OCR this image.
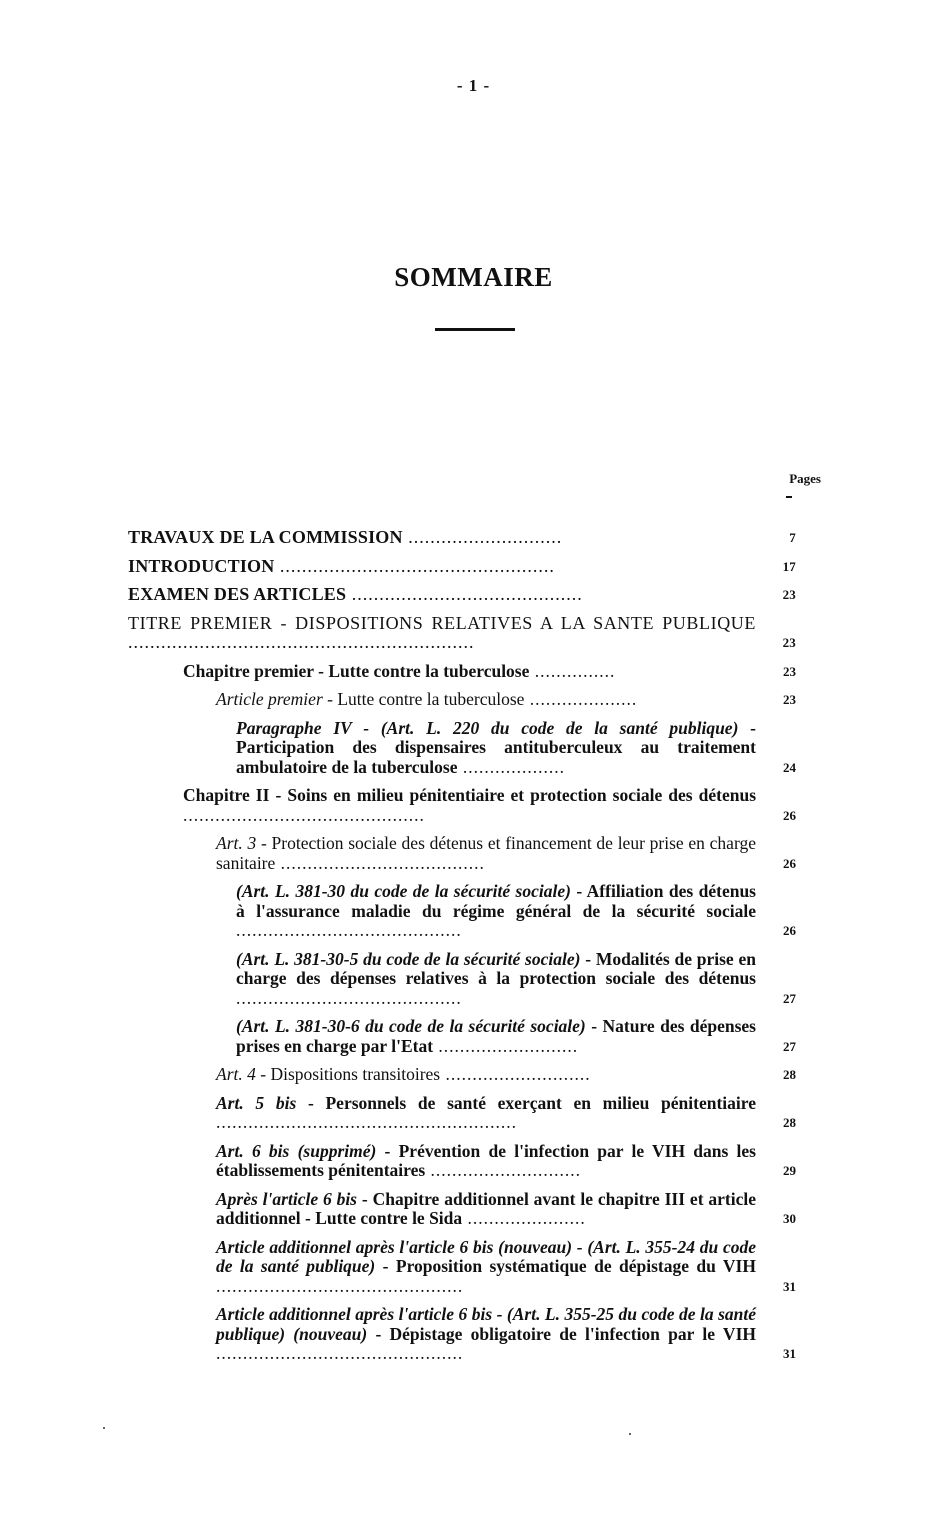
- 1 -
SOMMAIRE
Pages
TRAVAUX DE LA COMMISSION ............................	7
INTRODUCTION ..................................................	17
EXAMEN DES ARTICLES ..........................................	23
TITRE PREMIER - DISPOSITIONS RELATIVES A LA SANTE PUBLIQUE ...............................................................	23
Chapitre premier - Lutte contre la tuberculose ...............	23
Article premier - Lutte contre la tuberculose ....................	23
Paragraphe IV - (Art. L. 220 du code de la santé publique) - Participation des dispensaires antituberculeux au traitement ambulatoire de la tuberculose ...................	24
Chapitre II - Soins en milieu pénitentiaire et protection sociale des détenus .............................................	26
Art. 3 - Protection sociale des détenus et financement de leur prise en charge sanitaire ......................................	26
(Art. L. 381-30 du code de la sécurité sociale) - Affiliation des détenus à l'assurance maladie du régime général de la sécurité sociale ..........................................	26
(Art. L. 381-30-5 du code de la sécurité sociale) - Modalités de prise en charge des dépenses relatives à la protection sociale des détenus ..........................................	27
(Art. L. 381-30-6 du code de la sécurité sociale) - Nature des dépenses prises en charge par l'Etat ..........................	27
Art. 4 - Dispositions transitoires ...........................	28
Art. 5 bis - Personnels de santé exerçant en milieu pénitentiaire ........................................................	28
Art. 6 bis (supprimé) - Prévention de l'infection par le VIH dans les établissements pénitentaires ............................	29
Après l'article 6 bis - Chapitre additionnel avant le chapitre III et article additionnel - Lutte contre le Sida ......................	30
Article additionnel après l'article 6 bis (nouveau) - (Art. L. 355-24 du code de la santé publique) - Proposition systématique de dépistage du VIH ..............................................	31
Article additionnel après l'article 6 bis - (Art. L. 355-25 du code de la santé publique) (nouveau) - Dépistage obligatoire de l'infection par le VIH ..............................................	31
